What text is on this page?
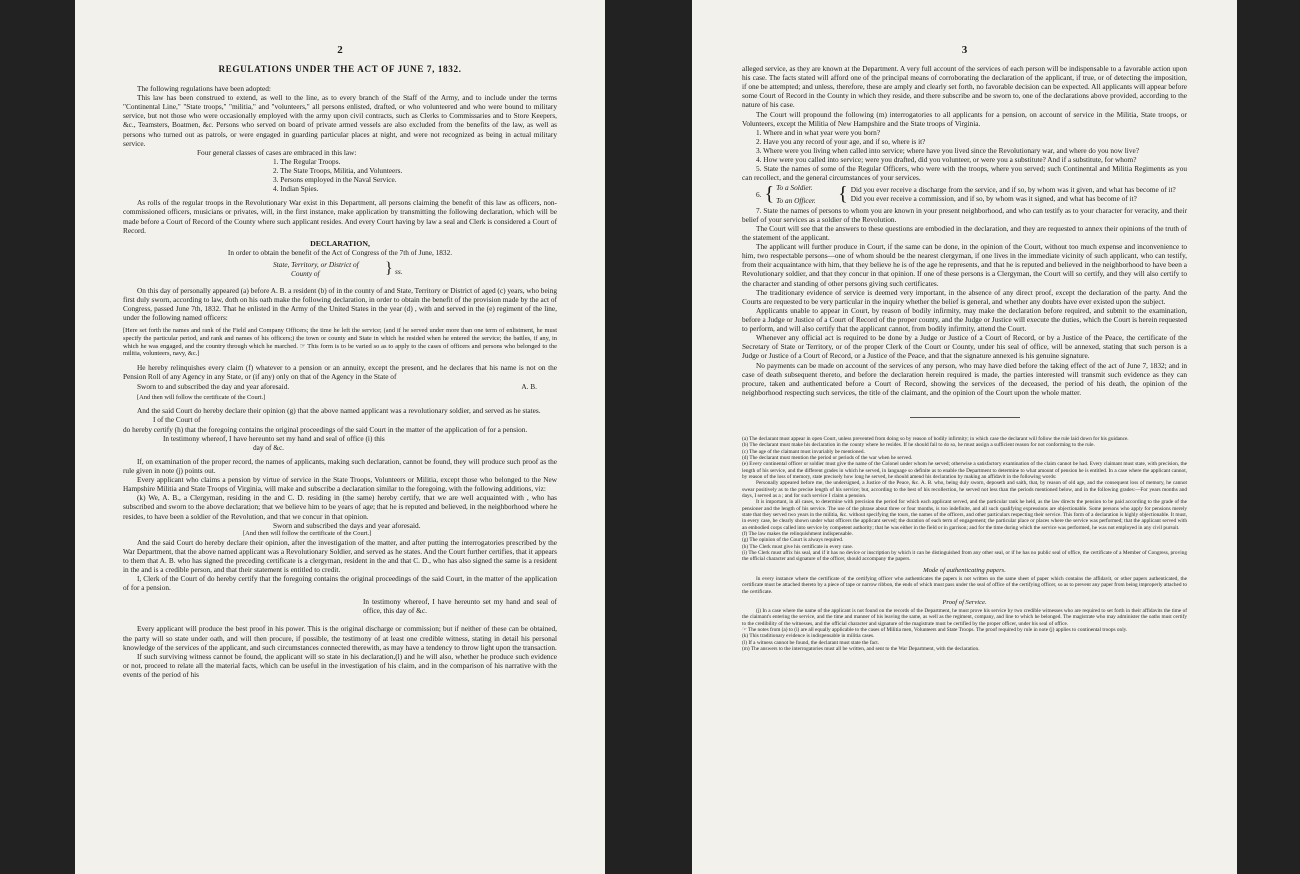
2
REGULATIONS UNDER THE ACT OF JUNE 7, 1832.

The following regulations have been adopted:

This law has been construed to extend, as well to the line, as to every branch of the Staff of the Army, and to include under the terms "Continental Line," "State troops," "militia," and "volunteers," all persons enlisted, drafted, or who volunteered and who were bound to military service, but not those who were occasionally employed with the army upon civil contracts, such as Clerks to Commissaries and to Store Keepers, &c., Teamsters, Boatmen, &c. Persons who served on board of private armed vessels are also excluded from the benefits of the law, as well as persons who turned out as patrols, or were engaged in guarding particular places at night, and were not recognized as being in actual military service.

Four general classes of cases are embraced in this law:

1. The Regular Troops.
2. The State Troops, Militia, and Volunteers.
3. Persons employed in the Naval Service.
4. Indian Spies.

As rolls of the regular troops in the Revolutionary War exist in this Department, all persons claiming the benefit of this law as officers, non-commissioned officers, musicians or privates, will, in the first instance, make application by transmitting the following declaration, which will be made before a Court of Record of the County where such applicant resides. And every Court having by law a seal and Clerk is considered a Court of Record.

DECLARATION,

In order to obtain the benefit of the Act of Congress of the 7th of June, 1832.

State, Territory, or District of
County of	} ss.

On this day of personally appeared (a) before A. B. a resident (b) of in the county of and State, Territory or District of aged (c) years, who being first duly sworn, according to law, doth on his oath make the following declaration, in order to obtain the benefit of the provision made by the act of Congress, passed June 7th, 1832. That he enlisted in the Army of the United States in the year (d) , with and served in the (e) regiment of the line, under the following named officers:

[Here set forth the names and rank of the Field and Company Officers; the time he left the service; (and if he served under more than one term of enlistment, he must specify the particular period, and rank and names of his officers;) the town or county and State in which he resided when he entered the service; the battles, if any, in which he was engaged, and the country through which he marched. ☞ This form is to be varied so as to apply to the cases of officers and persons who belonged to the militia, volunteers, navy, &c.]

He hereby relinquishes every claim (f) whatever to a pension or an annuity, except the present, and he declares that his name is not on the Pension Roll of any Agency in any State, or (if any) only on that of the Agency in the State of

Sworn to and subscribed the day and year aforesaid.	A. B.

[And then will follow the certificate of the Court.]

And the said Court do hereby declare their opinion (g) that the above named applicant was a revolutionary soldier, and served as he states.

I of the Court of

do hereby certify (h) that the foregoing contains the original proceedings of the said Court in the matter of the application of for a pension.

In testimony whereof, I have hereunto set my hand and seal of office (i) this

day of &c.

If, on examination of the proper record, the names of applicants, making such declaration, cannot be found, they will produce such proof as the rule given in note (j) points out.

Every applicant who claims a pension by virtue of service in the State Troops, Volunteers or Militia, except those who belonged to the New Hampshire Militia and State Troops of Virginia, will make and subscribe a declaration similar to the foregoing, with the following additions, viz:

(k) We, A. B., a Clergyman, residing in the and C. D. residing in (the same) hereby certify, that we are well acquainted with , who has subscribed and sworn to the above declaration; that we believe him to be years of age; that he is reputed and believed, in the neighborhood where he resides, to have been a soldier of the Revolution, and that we concur in that opinion.

Sworn and subscribed the days and year aforesaid.

[And then will follow the certificate of the Court.]

And the said Court do hereby declare their opinion, after the investigation of the matter, and after putting the interrogatories prescribed by the War Department, that the above named applicant was a Revolutionary Soldier, and served as he states. And the Court further certifies, that it appears to them that A. B. who has signed the preceding certificate is a clergyman, resident in the and that C. D., who has also signed the same is a resident in the and is a credible person, and that their statement is entitled to credit.

I, Clerk of the Court of do hereby certify that the foregoing contains the original proceedings of the said Court, in the matter of the application of for a pension.

In testimony whereof, I have hereunto set my hand and seal of office, this day of &c.

Every applicant will produce the best proof in his power. This is the original discharge or commission; but if neither of these can be obtained, the party will so state under oath, and will then procure, if possible, the testimony of at least one credible witness, stating in detail his personal knowledge of the services of the applicant, and such circumstances connected therewith, as may have a tendency to throw light upon the transaction.

If such surviving witness cannot be found, the applicant will so state in his declaration,(l) and he will also, whether he produce such evidence or not, proceed to relate all the material facts, which can be useful in the investigation of his claim, and in the comparison of his narrative with the events of the period of his

3

alleged service, as they are known at the Department. A very full account of the services of each person will be indispensable to a favorable action upon his case. The facts stated will afford one of the principal means of corroborating the declaration of the applicant, if true, or of detecting the imposition, if one be attempted; and unless, therefore, these are amply and clearly set forth, no favorable decision can be expected. All applicants will appear before some Court of Record in the County in which they reside, and there subscribe and be sworn to, one of the declarations above provided, according to the nature of his case.

The Court will propound the following (m) interrogatories to all applicants for a pension, on account of service in the Militia, State troops, or Volunteers, except the Militia of New Hampshire and the State troops of Virginia.

1. Where and in what year were you born?

2. Have you any record of your age, and if so, where is it?

3. Where were you living when called into service; where have you lived since the Revolutionary war, and where do you now live?

4. How were you called into service; were you drafted, did you volunteer, or were you a substitute? And if a substitute, for whom?

5. State the names of some of the Regular Officers, who were with the troops, where you served; such Continental and Militia Regiments as you can recollect, and the general circumstances of your services.

6. { To a Soldier.

To an Officer.	{ Did you ever receive a discharge from the service, and if so, by whom was it given, and what has become of it?

Did you ever receive a commission, and if so, by whom was it signed, and what has become of it?

7. State the names of persons to whom you are known in your present neighborhood, and who can testify as to your character for veracity, and their belief of your services as a soldier of the Revolution.

The Court will see that the answers to these questions are embodied in the declaration, and they are requested to annex their opinions of the truth of the statement of the applicant.

The applicant will further produce in Court, if the same can be done, in the opinion of the Court, without too much expense and inconvenience to him, two respectable persons—one of whom should be the nearest clergyman, if one lives in the immediate vicinity of such applicant, who can testify, from their acquaintance with him, that they believe he is of the age he represents, and that he is reputed and believed in the neighborhood to have been a Revolutionary soldier, and that they concur in that opinion. If one of these persons is a Clergyman, the Court will so certify, and they will also certify to the character and standing of other persons giving such certificates.

The traditionary evidence of service is deemed very important, in the absence of any direct proof, except the declaration of the party. And the Courts are requested to be very particular in the inquiry whether the belief is general, and whether any doubts have ever existed upon the subject.

Applicants unable to appear in Court, by reason of bodily infirmity, may make the declaration before required, and submit to the examination, before a Judge or Justice of a Court of Record of the proper county, and the Judge or Justice will execute the duties, which the Court is herein requested to perform, and will also certify that the applicant cannot, from bodily infirmity, attend the Court.

Whenever any official act is required to be done by a Judge or Justice of a Court of Record, or by a Justice of the Peace, the certificate of the Secretary of State or Territory, or of the proper Clerk of the Court or County, under his seal of office, will be annexed, stating that such person is a Judge or Justice of a Court of Record, or a Justice of the Peace, and that the signature annexed is his genuine signature.

No payments can be made on account of the services of any person, who may have died before the taking effect of the act of June 7, 1832; and in case of death subsequent thereto, and before the declaration herein required is made, the parties interested will transmit such evidence as they can procure, taken and authenticated before a Court of Record, showing the services of the deceased, the period of his death, the opinion of the neighborhood respecting such services, the title of the claimant, and the opinion of the Court upon the whole matter.

(a) The declarant must appear in open Court, unless prevented from doing so by reason of bodily infirmity; in which case the declarant will follow the rule laid down for his guidance.

(b) The declarant must make his declaration in the county where he resides. If he should fail to do so, he must assign a sufficient reason for not conforming to the rule.

(c) The age of the claimant must invariably be mentioned.

(d) The declarant must mention the period or periods of the war when he served.

(e) Every continental officer or soldier must give the name of the Colonel under whom he served; otherwise a satisfactory examination of the claim cannot be had. Every claimant must state, with precision, the length of his service, and the different grades in which he served, in language so definite as to enable the Department to determine to what amount of pension he is entitled. In a case where the applicant cannot, by reason of the loss of memory, state precisely how long he served, he should amend his declaration by making an affidavit in the following words:

Personally appeared before me, the undersigned, a Justice of the Peace, &c. A. B. who, being duly sworn, deposeth and saith, that, by reason of old age, and the consequent loss of memory, he cannot swear positively as to the precise length of his service; but, according to the best of his recollection, he served not less than the periods mentioned below, and in the following grades:—For years months and days, I served as a ; and for such service I claim a pension.

It is important, in all cases, to determine with precision the period for which each applicant served, and the particular rank he held, as the law directs the pension to be paid according to the grade of the pensioner and the length of his service. The use of the phrase about three or four months, is too indefinite, and all such qualifying expressions are objectionable. Some persons who apply for pensions merely state that they served two years in the militia, &c. without specifying the tours, the names of the officers, and other particulars respecting their service. This form of a declaration is highly objectionable. It must, in every case, be clearly shown under what officers the applicant served; the duration of each term of engagement; the particular place or places where the service was performed; that the applicant served with an embodied corps called into service by competent authority; that he was either in the field or in garrison; and for the time during which the service was performed, he was not employed in any civil pursuit.

(f) The law makes the relinquishment indispensable.

(g) The opinion of the Court is always required.

(h) The Clerk must give his certificate in every case.

(i) The Clerk must affix his seal, and if it has no device or inscription by which it can be distinguished from any other seal, or if he has no public seal of office, the certificate of a Member of Congress, proving the official character and signature of the officer, should accompany the papers.

Mode of authenticating papers.

In every instance where the certificate of the certifying officer who authenticates the papers is not written on the same sheet of paper which contains the affidavit, or other papers authenticated, the certificate must be attached thereto by a piece of tape or narrow ribbon, the ends of which must pass under the seal of office of the certifying officer, so as to prevent any paper from being improperly attached to the certificate.

Proof of Service.

(j) In a case where the name of the applicant is not found on the records of the Department, he must prove his service by two credible witnesses who are required to set forth in their affidavits the time of the claimant's entering the service, and the time and manner of his leaving the same, as well as the regiment, company, and line to which he belonged. The magistrate who may administer the oaths must certify to the credibility of the witnesses, and the official character and signature of the magistrate must be certified by the proper officer, under his seal of office.

☞ The notes from (a) to (i) are all equally applicable to the cases of Militia men, Volunteers and State Troops. The proof required by rule in note (j) applies to continental troops only.

(k) This traditionary evidence is indispensable in militia cases.

(l) If a witness cannot be found, the declarant must state the fact.

(m) The answers to the interrogatories must all be written, and sent to the War Department, with the declaration.
